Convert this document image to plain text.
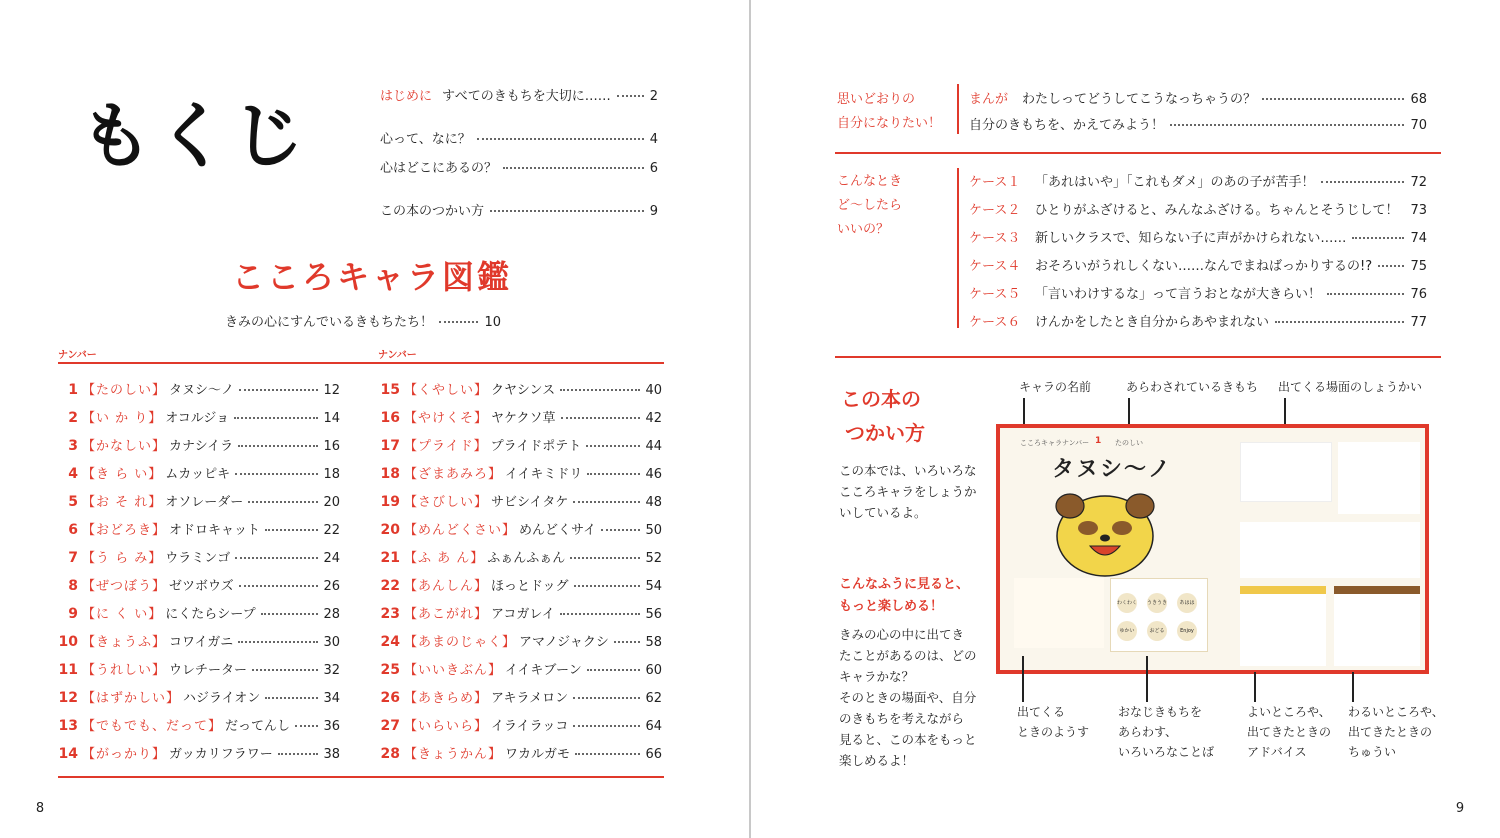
もくじ	はじめに すべてのきもちを大切に……	2
心って、なに？	4
心はどこにあるの？	6
この本のつかい方	9
こころキャラ図鑑
きみの心にすんでいるきもちたち！	10
ナンバー	ナンバー
1 【たのしい】 タヌシ～ノ	12
2 【い か り】 オコルジョ	14
3 【かなしい】 カナシイラ	16
4 【き ら い】 ムカッピキ	18
5 【お そ れ】 オソレーダー	20
6 【おどろき】 オドロキャット	22
7 【う ら み】 ウラミンゴ	24
8 【ぜつぼう】 ゼツボウズ	26
9 【に く い】 にくたらシープ	28
10 【きょうふ】 コワイガニ	30
11 【うれしい】 ウレチーター	32
12 【はずかしい】 ハジライオン	34
13 【でもでも、だって】 だってんし	36
14 【がっかり】 ガッカリフラワー	38
15 【くやしい】 クヤシンス	40
16 【やけくそ】 ヤケクソ草	42
17 【プライド】 プライドポテト	44
18 【ざまあみろ】 イイキミドリ	46
19 【さびしい】 サビシイタケ	48
20 【めんどくさい】 めんどくサイ	50
21 【ふ あ ん】 ふぁんふぁん	52
22 【あんしん】 ほっとドッグ	54
23 【あこがれ】 アコガレイ	56
24 【あまのじゃく】 アマノジャクシ	58
25 【いいきぶん】 イイキブーン	60
26 【あきらめ】 アキラメロン	62
27 【いらいら】 イライラッコ	64
28 【きょうかん】 ワカルガモ	66
8
思いどおりの
自分になりたい！
まんが わたしってどうしてこうなっちゃうの？	68
自分のきもちを、かえてみよう！	70
こんなとき
ど～したら
いいの？
ケース１	「あれはいや」「これもダメ」のあの子が苦手！	72
ケース２	ひとりがふざけると、みんなふざける。ちゃんとそうじして！ 73
ケース３	新しいクラスで、知らない子に声がかけられない……	74
ケース４	おそろいがうれしくない……なんでまねばっかりするの!?	75
ケース５	「言いわけするな」って言うおとなが大きらい！	76
ケース６	けんかをしたとき自分からあやまれない	77
この本の
つかい方
この本では、いろいろな
こころキャラをしょうか
いしているよ。
こんなふうに見ると、
もっと楽しめる！
きみの心の中に出てき
たことがあるのは、どの
キャラかな？
そのときの場面や、自分
のきもちを考えながら
見ると、この本をもっと
楽しめるよ！
キャラの名前	あらわされているきもち 出てくる場面のしょうかい
こころキャラナンバー 1 たのしい
タヌシ～ノ
わくわく うきうき	あはは
ゆかい	おどる	Enjoy
出てくる
ときのようす
おなじきもちを
あらわす、
いろいろなことば
よいところや、
出てきたときの
アドバイス
わるいところや、
出てきたときの
ちゅうい
9
